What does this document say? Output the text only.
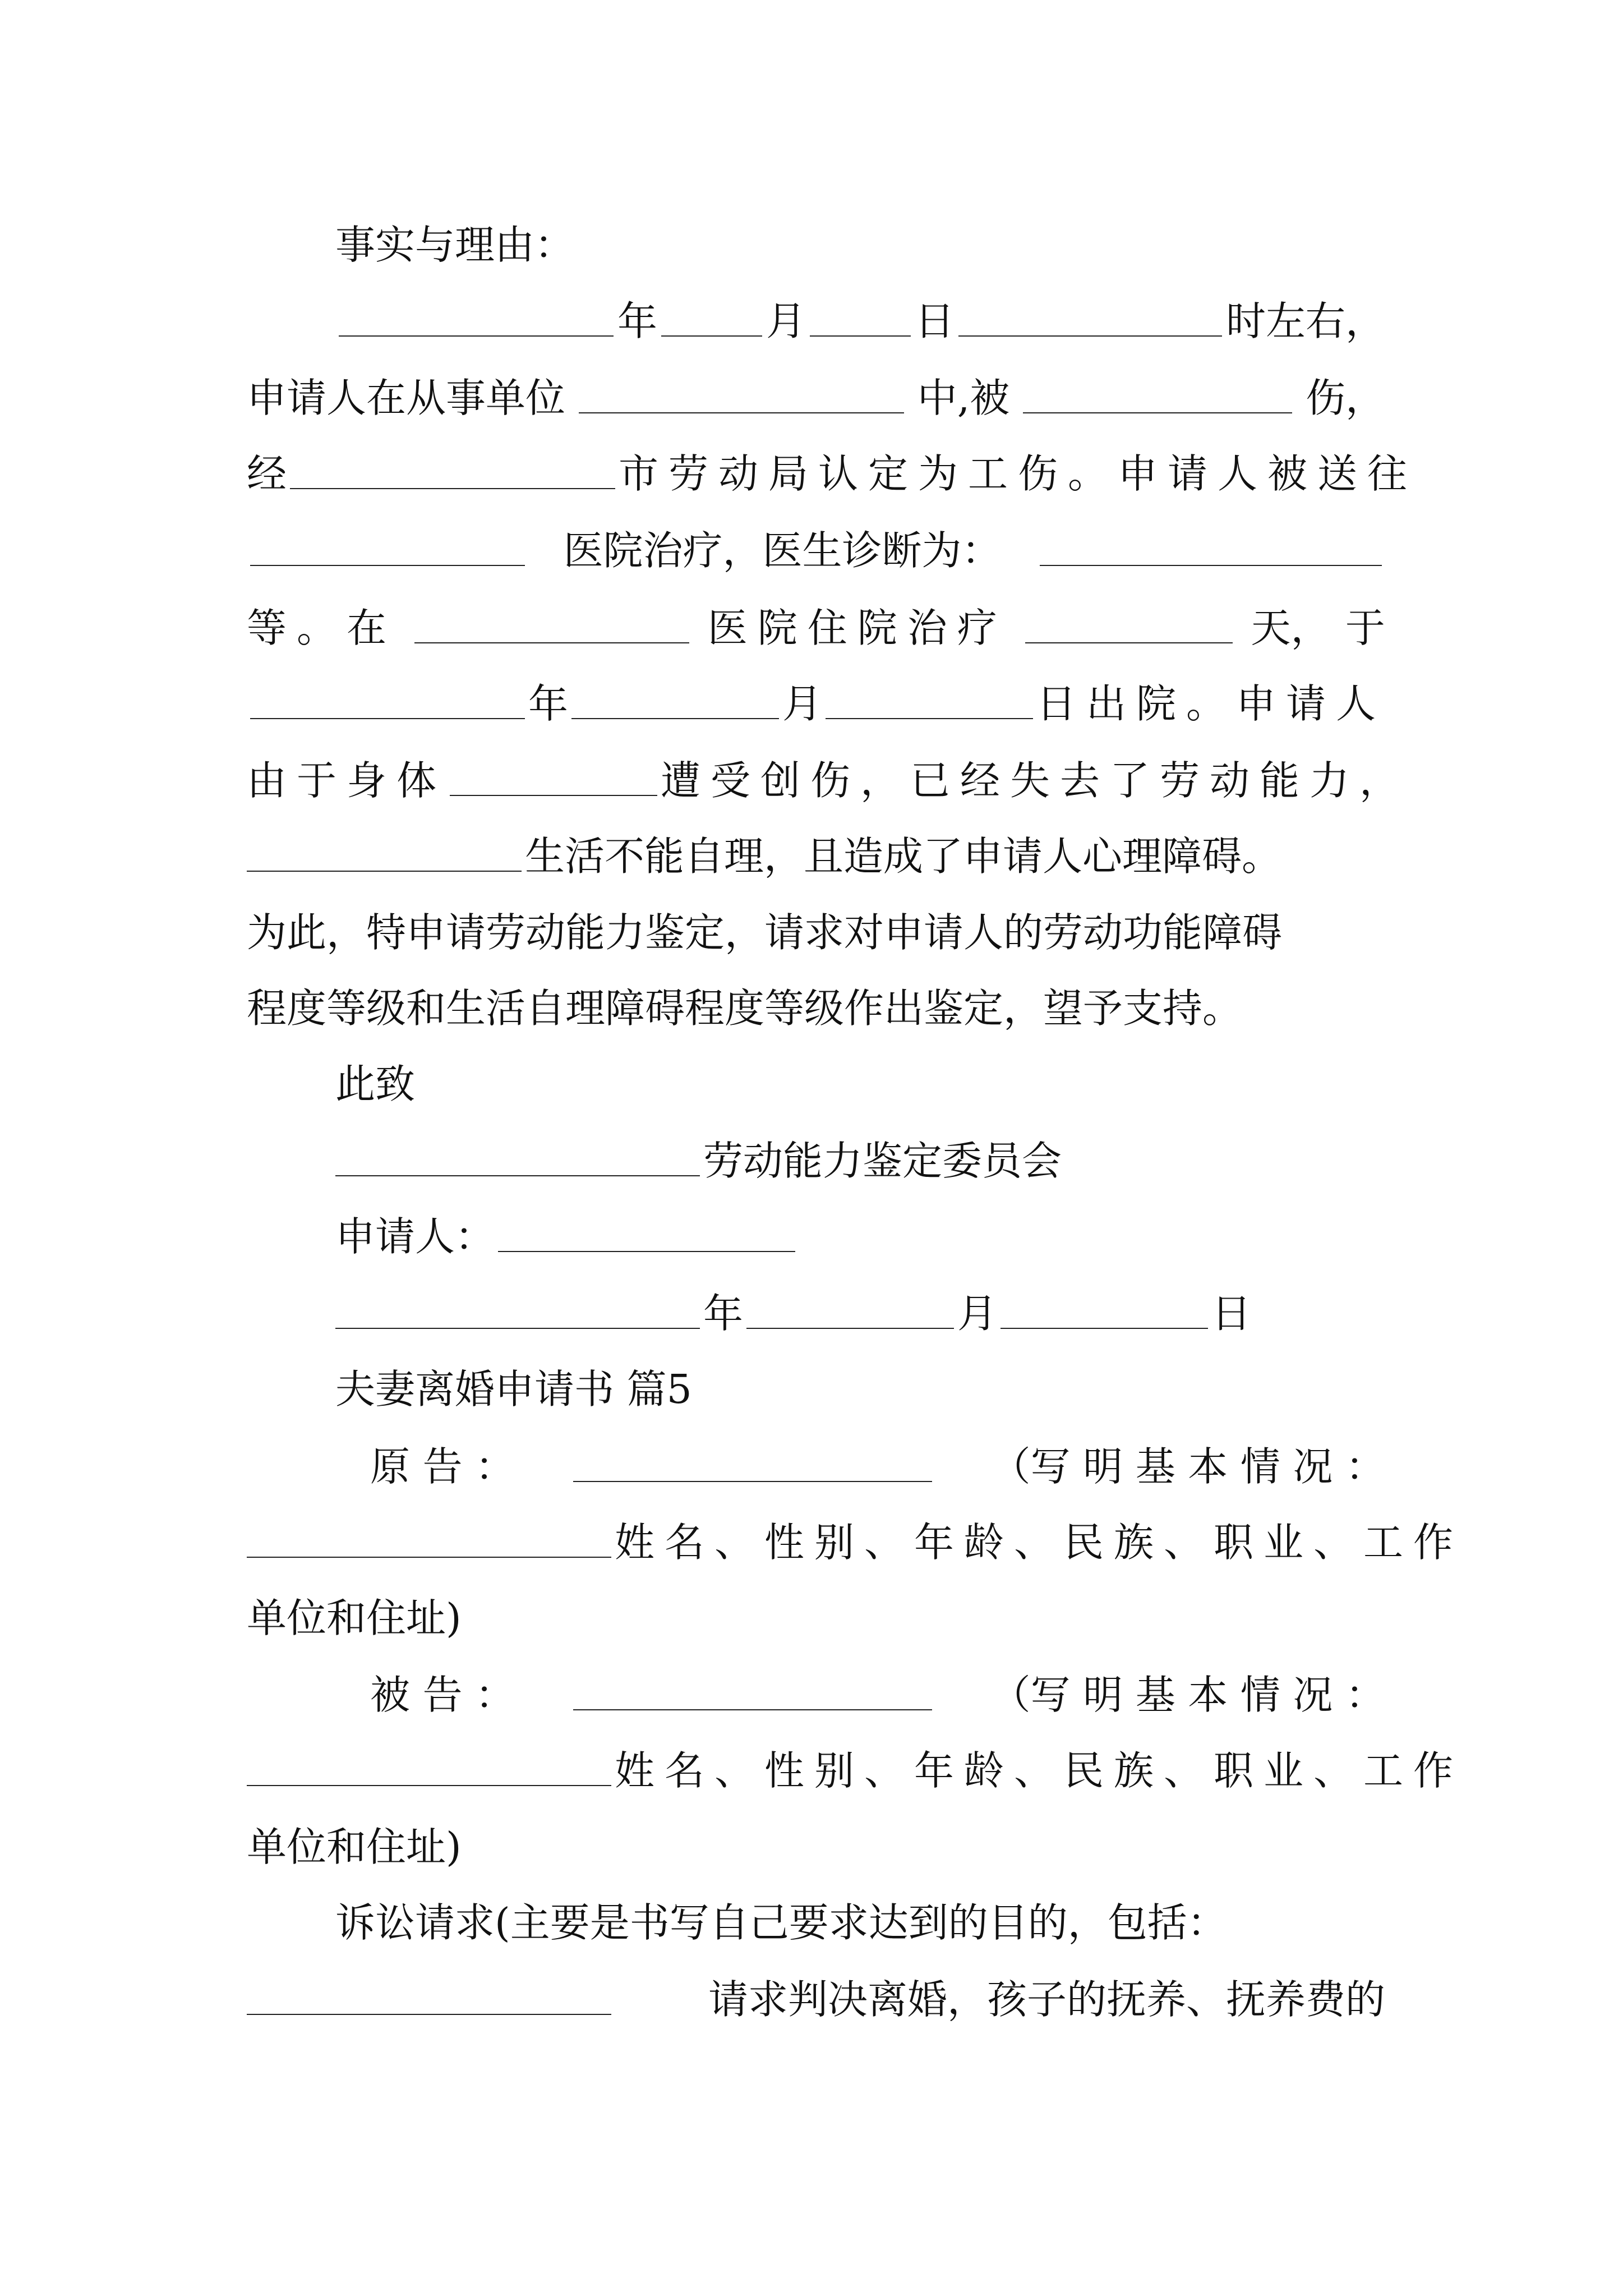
事实与理由：
年	月	日	时左右，
申请人在从事单位	中,被	伤，
经	市劳动局认定为工伤。申请人被送往
医院治疗，医生诊断为：
等。在	医院住院治疗	天， 于
年	月	日出院。申请人
由于身体	遭受创伤，已经失去了劳动能力，
生活不能自理，且造成了申请人心理障碍。
为此，特申请劳动能力鉴定，请求对申请人的劳动功能障碍
程度等级和生活自理障碍程度等级作出鉴定，望予支持。
此致
劳动能力鉴定委员会
申请人：
年	月	日
夫妻离婚申请书 篇5
原 告 ：	（写 明 基 本 情 况 ：
姓名、性别、年龄、民族、职业、工作
单位和住址)
被 告 ：	（写 明 基 本 情 况 ：
姓名、性别、年龄、民族、职业、工作
单位和住址)
诉讼请求(主要是书写自己要求达到的目的，包括：
请求判决离婚，孩子的抚养、抚养费的
